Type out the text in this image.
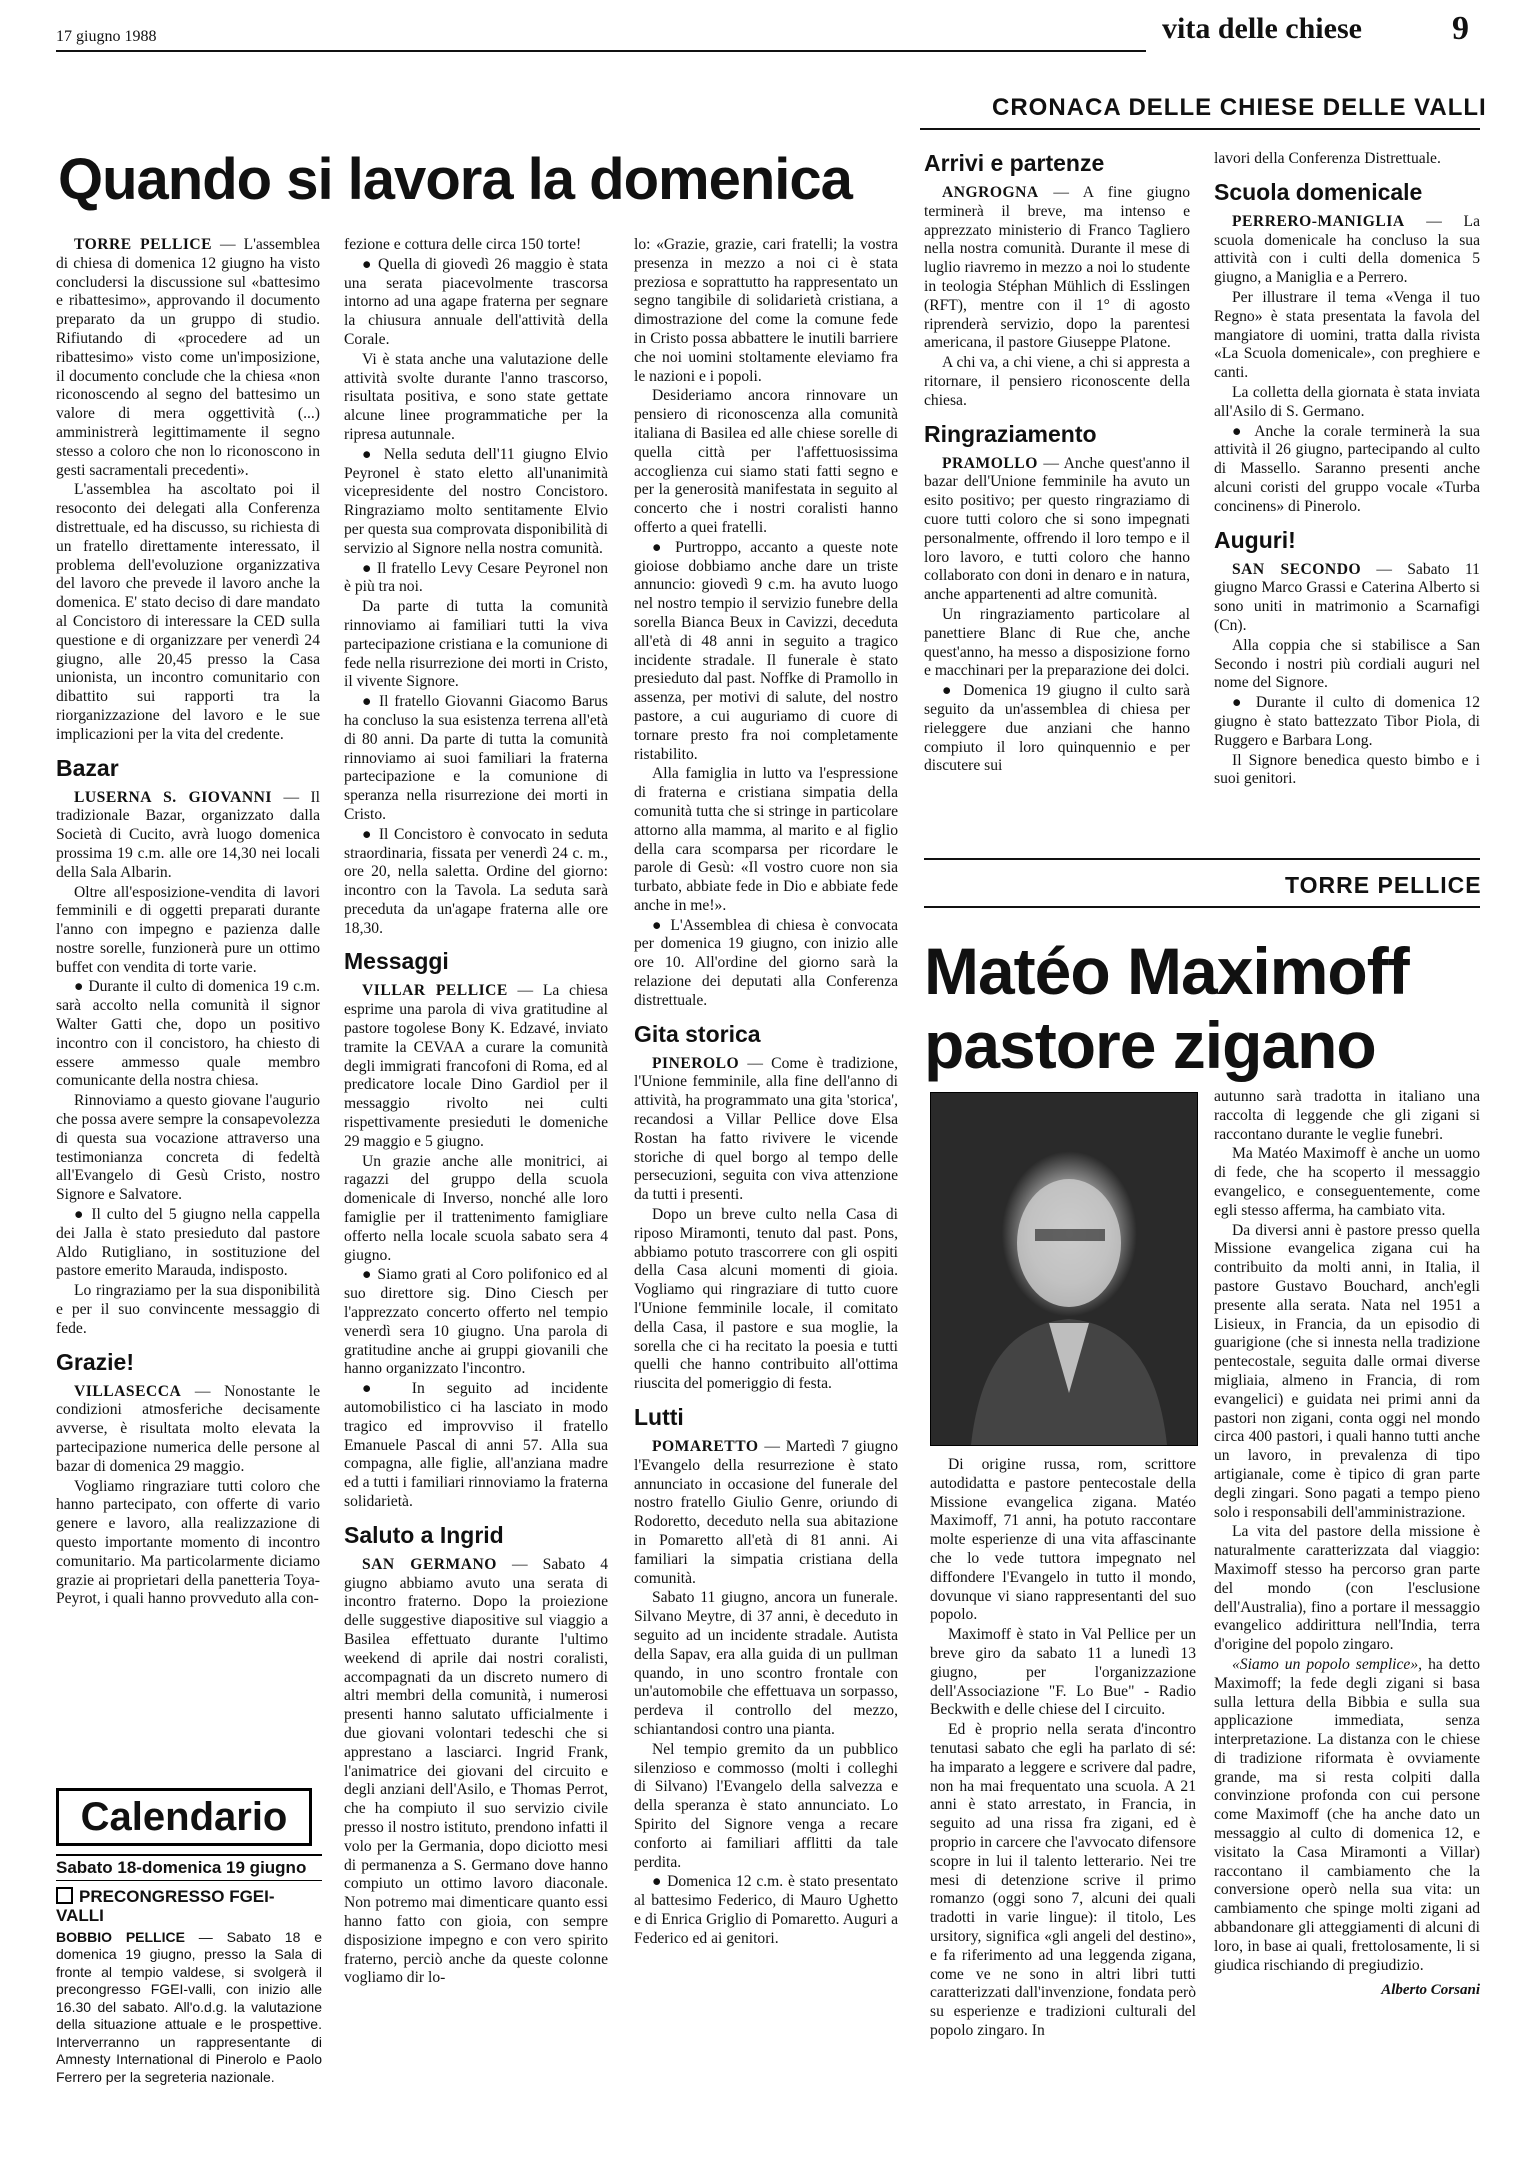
17 giugno 1988	vita delle chiese	9
CRONACA DELLE CHIESE DELLE VALLI
Quando si lavora la domenica

TORRE PELLICE — L'assemblea di chiesa di domenica 12 giugno ha visto concludersi la discussione sul «battesimo e ribattesimo», approvando il documento preparato da un gruppo di studio. Rifiutando di «procedere ad un ribattesimo» visto come un'imposizione, il documento conclude che la chiesa «non riconoscendo al segno del battesimo un valore di mera oggettività (...) amministrerà legittimamente il segno stesso a coloro che non lo riconoscono in gesti sacramentali precedenti».

L'assemblea ha ascoltato poi il resoconto dei delegati alla Conferenza distrettuale, ed ha discusso, su richiesta di un fratello direttamente interessato, il problema dell'evoluzione organizzativa del lavoro che prevede il lavoro anche la domenica. E' stato deciso di dare mandato al Concistoro di interessare la CED sulla questione e di organizzare per venerdì 24 giugno, alle 20,45 presso la Casa unionista, un incontro comunitario con dibattito sui rapporti tra la riorganizzazione del lavoro e le sue implicazioni per la vita del credente.

Bazar

LUSERNA S. GIOVANNI — Il tradizionale Bazar, organizzato dalla Società di Cucito, avrà luogo domenica prossima 19 c.m. alle ore 14,30 nei locali della Sala Albarin.

Oltre all'esposizione-vendita di lavori femminili e di oggetti preparati durante l'anno con impegno e pazienza dalle nostre sorelle, funzionerà pure un ottimo buffet con vendita di torte varie.

● Durante il culto di domenica 19 c.m. sarà accolto nella comunità il signor Walter Gatti che, dopo un positivo incontro con il concistoro, ha chiesto di essere ammesso quale membro comunicante della nostra chiesa.

Rinnoviamo a questo giovane l'augurio che possa avere sempre la consapevolezza di questa sua vocazione attraverso una testimonianza concreta di fedeltà all'Evangelo di Gesù Cristo, nostro Signore e Salvatore.

● Il culto del 5 giugno nella cappella dei Jalla è stato presieduto dal pastore Aldo Rutigliano, in sostituzione del pastore emerito Marauda, indisposto.

Lo ringraziamo per la sua disponibilità e per il suo convincente messaggio di fede.

Grazie!

VILLASECCA — Nonostante le condizioni atmosferiche decisamente avverse, è risultata molto elevata la partecipazione numerica delle persone al bazar di domenica 29 maggio.

Vogliamo ringraziare tutti coloro che hanno partecipato, con offerte di vario genere e lavoro, alla realizzazione di questo importante momento di incontro comunitario. Ma particolarmente diciamo grazie ai proprietari della panetteria Toya-Peyrot, i quali hanno provveduto alla con-

Calendario
Sabato 18-domenica 19 giugno
PRECONGRESSO FGEI-VALLI
BOBBIO PELLICE — Sabato 18 e domenica 19 giugno, presso la Sala di fronte al tempio valdese, si svolgerà il precongresso FGEI-valli, con inizio alle 16.30 del sabato. All'o.d.g. la valutazione della situazione attuale e le prospettive. Interverranno un rappresentante di Amnesty International di Pinerolo e Paolo Ferrero per la segreteria nazionale.

fezione e cottura delle circa 150 torte!

● Quella di giovedì 26 maggio è stata una serata piacevolmente trascorsa intorno ad una agape fraterna per segnare la chiusura annuale dell'attività della Corale.

Vi è stata anche una valutazione delle attività svolte durante l'anno trascorso, risultata positiva, e sono state gettate alcune linee programmatiche per la ripresa autunnale.

● Nella seduta dell'11 giugno Elvio Peyronel è stato eletto all'unanimità vicepresidente del nostro Concistoro. Ringraziamo molto sentitamente Elvio per questa sua comprovata disponibilità di servizio al Signore nella nostra comunità.

● Il fratello Levy Cesare Peyronel non è più tra noi.

Da parte di tutta la comunità rinnoviamo ai familiari tutti la viva partecipazione cristiana e la comunione di fede nella risurrezione dei morti in Cristo, il vivente Signore.

● Il fratello Giovanni Giacomo Barus ha concluso la sua esistenza terrena all'età di 80 anni. Da parte di tutta la comunità rinnoviamo ai suoi familiari la fraterna partecipazione e la comunione di speranza nella risurrezione dei morti in Cristo.

● Il Concistoro è convocato in seduta straordinaria, fissata per venerdì 24 c. m., ore 20, nella saletta. Ordine del giorno: incontro con la Tavola. La seduta sarà preceduta da un'agape fraterna alle ore 18,30.

Messaggi

VILLAR PELLICE — La chiesa esprime una parola di viva gratitudine al pastore togolese Bony K. Edzavé, inviato tramite la CEVAA a curare la comunità degli immigrati francofoni di Roma, ed al predicatore locale Dino Gardiol per il messaggio rivolto nei culti rispettivamente presieduti le domeniche 29 maggio e 5 giugno.

Un grazie anche alle monitrici, ai ragazzi del gruppo della scuola domenicale di Inverso, nonché alle loro famiglie per il trattenimento famigliare offerto nella locale scuola sabato sera 4 giugno.

● Siamo grati al Coro polifonico ed al suo direttore sig. Dino Ciesch per l'apprezzato concerto offerto nel tempio venerdì sera 10 giugno. Una parola di gratitudine anche ai gruppi giovanili che hanno organizzato l'incontro.

● In seguito ad incidente automobilistico ci ha lasciato in modo tragico ed improvviso il fratello Emanuele Pascal di anni 57. Alla sua compagna, alle figlie, all'anziana madre ed a tutti i familiari rinnoviamo la fraterna solidarietà.

Saluto a Ingrid

SAN GERMANO — Sabato 4 giugno abbiamo avuto una serata di incontro fraterno. Dopo la proiezione delle suggestive diapositive sul viaggio a Basilea effettuato durante l'ultimo weekend di aprile dai nostri coralisti, accompagnati da un discreto numero di altri membri della comunità, i numerosi presenti hanno salutato ufficialmente i due giovani volontari tedeschi che si apprestano a lasciarci. Ingrid Frank, l'animatrice dei giovani del circuito e degli anziani dell'Asilo, e Thomas Perrot, che ha compiuto il suo servizio civile presso il nostro istituto, prendono infatti il volo per la Germania, dopo diciotto mesi di permanenza a S. Germano dove hanno compiuto un ottimo lavoro diaconale. Non potremo mai dimenticare quanto essi hanno fatto con gioia, con sempre disposizione impegno e con vero spirito fraterno, perciò anche da queste colonne vogliamo dir lo-

lo: «Grazie, grazie, cari fratelli; la vostra presenza in mezzo a noi ci è stata preziosa e soprattutto ha rappresentato un segno tangibile di solidarietà cristiana, a dimostrazione del come la comune fede in Cristo possa abbattere le inutili barriere che noi uomini stoltamente eleviamo fra le nazioni e i popoli.

Desideriamo ancora rinnovare un pensiero di riconoscenza alla comunità italiana di Basilea ed alle chiese sorelle di quella città per l'affettuosissima accoglienza cui siamo stati fatti segno e per la generosità manifestata in seguito al concerto che i nostri coralisti hanno offerto a quei fratelli.

● Purtroppo, accanto a queste note gioiose dobbiamo anche dare un triste annuncio: giovedì 9 c.m. ha avuto luogo nel nostro tempio il servizio funebre della sorella Bianca Beux in Cavizzi, deceduta all'età di 48 anni in seguito a tragico incidente stradale. Il funerale è stato presieduto dal past. Noffke di Pramollo in assenza, per motivi di salute, del nostro pastore, a cui auguriamo di cuore di tornare presto fra noi completamente ristabilito.

Alla famiglia in lutto va l'espressione di fraterna e cristiana simpatia della comunità tutta che si stringe in particolare attorno alla mamma, al marito e al figlio della cara scomparsa per ricordare le parole di Gesù: «Il vostro cuore non sia turbato, abbiate fede in Dio e abbiate fede anche in me!».

● L'Assemblea di chiesa è convocata per domenica 19 giugno, con inizio alle ore 10. All'ordine del giorno sarà la relazione dei deputati alla Conferenza distrettuale.

Gita storica

PINEROLO — Come è tradizione, l'Unione femminile, alla fine dell'anno di attività, ha programmato una gita 'storica', recandosi a Villar Pellice dove Elsa Rostan ha fatto rivivere le vicende storiche di quel borgo al tempo delle persecuzioni, seguita con viva attenzione da tutti i presenti.

Dopo un breve culto nella Casa di riposo Miramonti, tenuto dal past. Pons, abbiamo potuto trascorrere con gli ospiti della Casa alcuni momenti di gioia. Vogliamo qui ringraziare di tutto cuore l'Unione femminile locale, il comitato della Casa, il pastore e sua moglie, la sorella che ci ha recitato la poesia e tutti quelli che hanno contribuito all'ottima riuscita del pomeriggio di festa.

Lutti

POMARETTO — Martedì 7 giugno l'Evangelo della resurrezione è stato annunciato in occasione del funerale del nostro fratello Giulio Genre, oriundo di Rodoretto, deceduto nella sua abitazione in Pomaretto all'età di 81 anni. Ai familiari la simpatia cristiana della comunità.

Sabato 11 giugno, ancora un funerale. Silvano Meytre, di 37 anni, è deceduto in seguito ad un incidente stradale. Autista della Sapav, era alla guida di un pullman quando, in uno scontro frontale con un'automobile che effettuava un sorpasso, perdeva il controllo del mezzo, schiantandosi contro una pianta.

Nel tempio gremito da un pubblico silenzioso e commosso (molti i colleghi di Silvano) l'Evangelo della salvezza e della speranza è stato annunciato. Lo Spirito del Signore venga a recare conforto ai familiari afflitti da tale perdita.

● Domenica 12 c.m. è stato presentato al battesimo Federico, di Mauro Ughetto e di Enrica Griglio di Pomaretto. Auguri a Federico ed ai genitori.

Arrivi e partenze

ANGROGNA — A fine giugno terminerà il breve, ma intenso e apprezzato ministerio di Franco Tagliero nella nostra comunità. Durante il mese di luglio riavremo in mezzo a noi lo studente in teologia Stéphan Mühlich di Esslingen (RFT), mentre con il 1° di agosto riprenderà servizio, dopo la parentesi americana, il pastore Giuseppe Platone.

A chi va, a chi viene, a chi si appresta a ritornare, il pensiero riconoscente della chiesa.

Ringraziamento

PRAMOLLO — Anche quest'anno il bazar dell'Unione femminile ha avuto un esito positivo; per questo ringraziamo di cuore tutti coloro che si sono impegnati personalmente, offrendo il loro tempo e il loro lavoro, e tutti coloro che hanno collaborato con doni in denaro e in natura, anche appartenenti ad altre comunità.

Un ringraziamento particolare al panettiere Blanc di Rue che, anche quest'anno, ha messo a disposizione forno e macchinari per la preparazione dei dolci.

● Domenica 19 giugno il culto sarà seguito da un'assemblea di chiesa per rieleggere due anziani che hanno compiuto il loro quinquennio e per discutere sui

lavori della Conferenza Distrettuale.

Scuola domenicale

PERRERO-MANIGLIA — La scuola domenicale ha concluso la sua attività con i culti della domenica 5 giugno, a Maniglia e a Perrero.

Per illustrare il tema «Venga il tuo Regno» è stata presentata la favola del mangiatore di uomini, tratta dalla rivista «La Scuola domenicale», con preghiere e canti.

La colletta della giornata è stata inviata all'Asilo di S. Germano.

● Anche la corale terminerà la sua attività il 26 giugno, partecipando al culto di Massello. Saranno presenti anche alcuni coristi del gruppo vocale «Turba concinens» di Pinerolo.

Auguri!

SAN SECONDO — Sabato 11 giugno Marco Grassi e Caterina Alberto si sono uniti in matrimonio a Scarnafigi (Cn).

Alla coppia che si stabilisce a San Secondo i nostri più cordiali auguri nel nome del Signore.

● Durante il culto di domenica 12 giugno è stato battezzato Tibor Piola, di Ruggero e Barbara Long.

Il Signore benedica questo bimbo e i suoi genitori.

TORRE PELLICE
Matéo Maximoff
pastore zigano

Di origine russa, rom, scrittore autodidatta e pastore pentecostale della Missione evangelica zigana. Matéo Maximoff, 71 anni, ha potuto raccontare molte esperienze di una vita affascinante che lo vede tuttora impegnato nel diffondere l'Evangelo in tutto il mondo, dovunque vi siano rappresentanti del suo popolo.

Maximoff è stato in Val Pellice per un breve giro da sabato 11 a lunedì 13 giugno, per l'organizzazione dell'Associazione "F. Lo Bue" - Radio Beckwith e delle chiese del I circuito.

Ed è proprio nella serata d'incontro tenutasi sabato che egli ha parlato di sé: ha imparato a leggere e scrivere dal padre, non ha mai frequentato una scuola. A 21 anni è stato arrestato, in Francia, in seguito ad una rissa fra zigani, ed è proprio in carcere che l'avvocato difensore scopre in lui il talento letterario. Nei tre mesi di detenzione scrive il primo romanzo (oggi sono 7, alcuni dei quali tradotti in varie lingue): il titolo, Les ursitory, significa «gli angeli del destino», e fa riferimento ad una leggenda zigana, come ve ne sono in altri libri tutti caratterizzati dall'invenzione, fondata però su esperienze e tradizioni culturali del popolo zingaro. In

autunno sarà tradotta in italiano una raccolta di leggende che gli zigani si raccontano durante le veglie funebri.

Ma Matéo Maximoff è anche un uomo di fede, che ha scoperto il messaggio evangelico, e conseguentemente, come egli stesso afferma, ha cambiato vita.

Da diversi anni è pastore presso quella Missione evangelica zigana cui ha contribuito da molti anni, in Italia, il pastore Gustavo Bouchard, anch'egli presente alla serata. Nata nel 1951 a Lisieux, in Francia, da un episodio di guarigione (che si innesta nella tradizione pentecostale, seguita dalle ormai diverse migliaia, almeno in Francia, di rom evangelici) e guidata nei primi anni da pastori non zigani, conta oggi nel mondo circa 400 pastori, i quali hanno tutti anche un lavoro, in prevalenza di tipo artigianale, come è tipico di gran parte degli zingari. Sono pagati a tempo pieno solo i responsabili dell'amministrazione.

La vita del pastore della missione è naturalmente caratterizzata dal viaggio: Maximoff stesso ha percorso gran parte del mondo (con l'esclusione dell'Australia), fino a portare il messaggio evangelico addirittura nell'India, terra d'origine del popolo zingaro.

«Siamo un popolo semplice», ha detto Maximoff; la fede degli zigani si basa sulla lettura della Bibbia e sulla sua applicazione immediata, senza interpretazione. La distanza con le chiese di tradizione riformata è ovviamente grande, ma si resta colpiti dalla convinzione profonda con cui persone come Maximoff (che ha anche dato un messaggio al culto di domenica 12, e visitato la Casa Miramonti a Villar) raccontano il cambiamento che la conversione operò nella sua vita: un cambiamento che spinge molti zigani ad abbandonare gli atteggiamenti di alcuni di loro, in base ai quali, frettolosamente, li si giudica rischiando di pregiudizio.

Alberto Corsani
